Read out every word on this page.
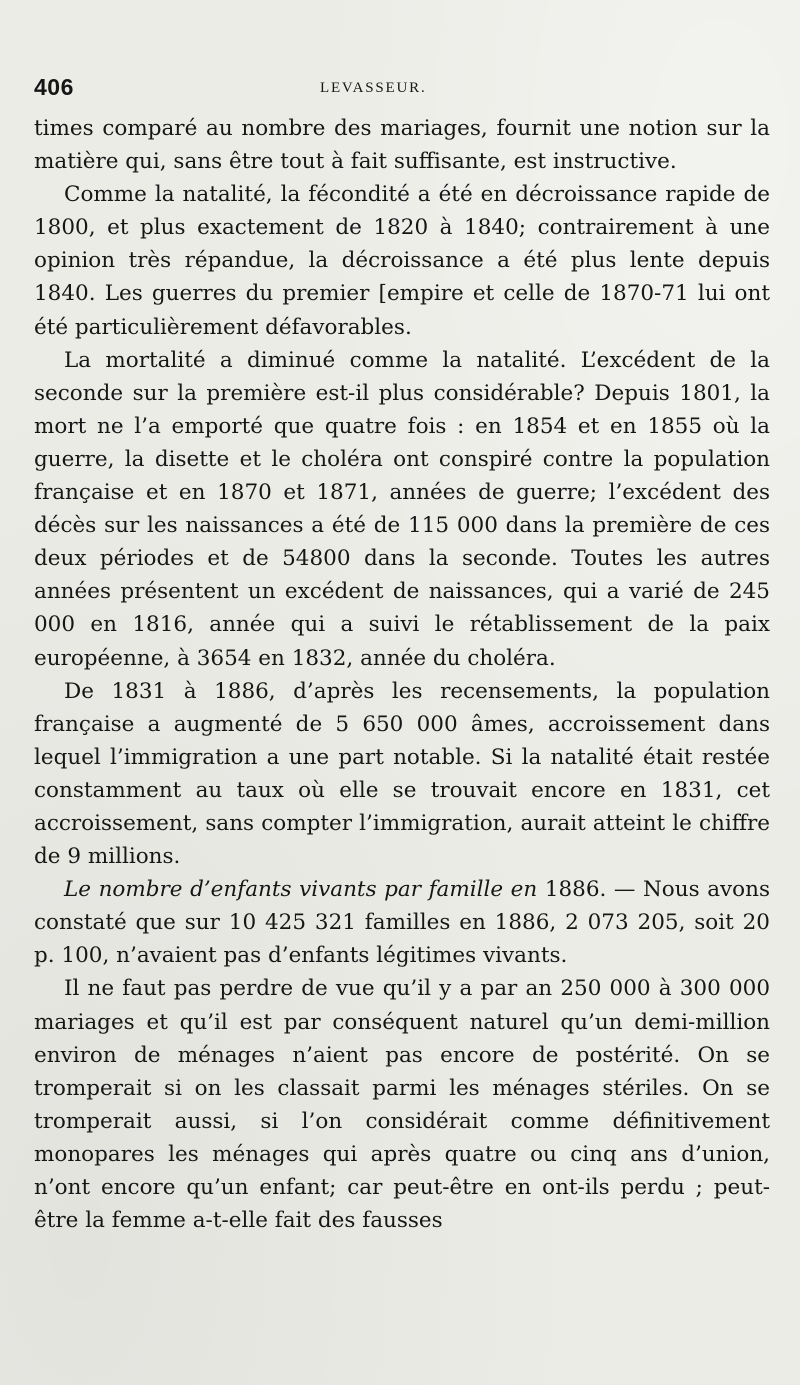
406	LEVASSEUR.

times comparé au nombre des mariages, fournit une notion sur la matière qui, sans être tout à fait suffisante, est instructive.

Comme la natalité, la fécondité a été en décroissance rapide de 1800, et plus exactement de 1820 à 1840; contrairement à une opinion très répandue, la décroissance a été plus lente depuis 1840. Les guerres du premier [empire et celle de 1870-71 lui ont été particulièrement défavorables.

La mortalité a diminué comme la natalité. L’excédent de la seconde sur la première est-il plus considérable? Depuis 1801, la mort ne l’a emporté que quatre fois : en 1854 et en 1855 où la guerre, la disette et le choléra ont conspiré contre la population française et en 1870 et 1871, années de guerre; l’excédent des décès sur les naissances a été de 115 000 dans la première de ces deux périodes et de 54800 dans la seconde. Toutes les autres années présentent un excédent de naissances, qui a varié de 245 000 en 1816, année qui a suivi le rétablissement de la paix européenne, à 3654 en 1832, année du choléra.

De 1831 à 1886, d’après les recensements, la population française a augmenté de 5 650 000 âmes, accroissement dans lequel l’immigration a une part notable. Si la natalité était restée constamment au taux où elle se trouvait encore en 1831, cet accroissement, sans compter l’immigration, aurait atteint le chiffre de 9 millions.

Le nombre d’enfants vivants par famille en 1886. — Nous avons constaté que sur 10 425 321 familles en 1886, 2 073 205, soit 20 p. 100, n’avaient pas d’enfants légitimes vivants.

Il ne faut pas perdre de vue qu’il y a par an 250 000 à 300 000 mariages et qu’il est par conséquent naturel qu’un demi-million environ de ménages n’aient pas encore de postérité. On se tromperait si on les classait parmi les ménages stériles. On se tromperait aussi, si l’on considérait comme définitivement monopares les ménages qui après quatre ou cinq ans d’union, n’ont encore qu’un enfant; car peut-être en ont-ils perdu ; peut-être la femme a-t-elle fait des fausses
